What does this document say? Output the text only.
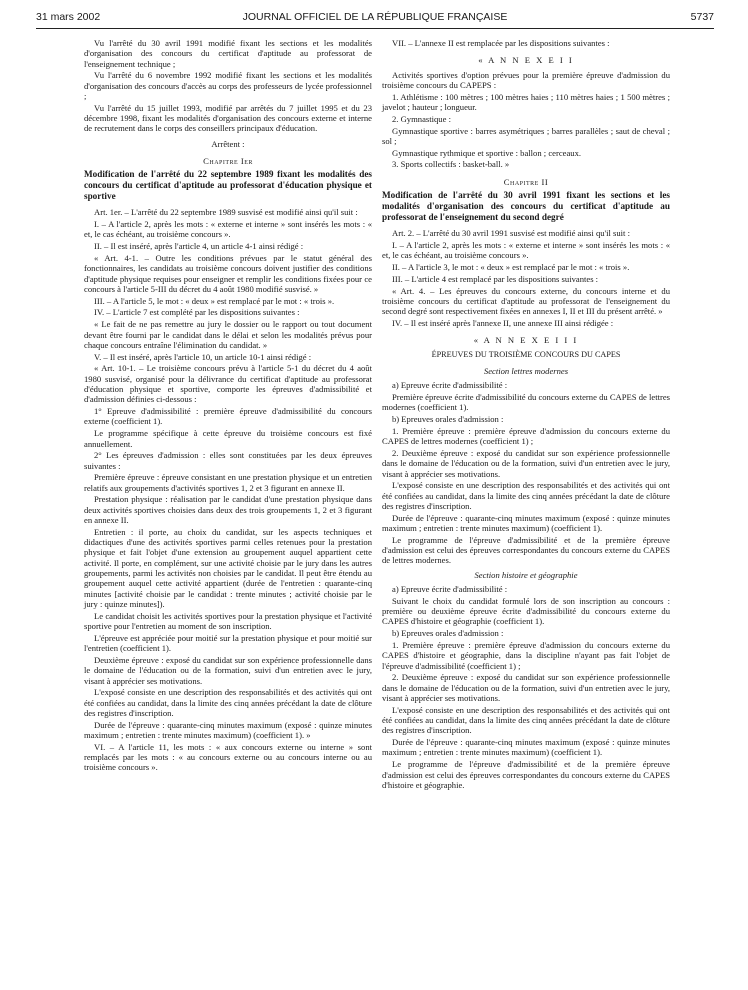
31 mars 2002	JOURNAL OFFICIEL DE LA RÉPUBLIQUE FRANÇAISE	5737

Vu l'arrêté du 30 avril 1991 modifié fixant les sections et les modalités d'organisation des concours du certificat d'aptitude au professorat de l'enseignement technique ;

Vu l'arrêté du 6 novembre 1992 modifié fixant les sections et les modalités d'organisation des concours d'accès au corps des professeurs de lycée professionnel ;

Vu l'arrêté du 15 juillet 1993, modifié par arrêtés du 7 juillet 1995 et du 23 décembre 1998, fixant les modalités d'organisation des concours externe et interne de recrutement dans le corps des conseillers principaux d'éducation.

Arrêtent :

Chapitre Ier

Modification de l'arrêté du 22 septembre 1989 fixant les modalités des concours du certificat d'aptitude au professorat d'éducation physique et sportive

Art. 1er. – L'arrêté du 22 septembre 1989 susvisé est modifié ainsi qu'il suit :

I. – A l'article 2, après les mots : « externe et interne » sont insérés les mots : « et, le cas échéant, au troisième concours ».

II. – Il est inséré, après l'article 4, un article 4-1 ainsi rédigé :

« Art. 4-1. – Outre les conditions prévues par le statut général des fonctionnaires, les candidats au troisième concours doivent justifier des conditions d'aptitude physique requises pour enseigner et remplir les conditions fixées pour ce concours à l'article 5-III du décret du 4 août 1980 modifié susvisé. »

III. – A l'article 5, le mot : « deux » est remplacé par le mot : « trois ».

IV. – L'article 7 est complété par les dispositions suivantes :

« Le fait de ne pas remettre au jury le dossier ou le rapport ou tout document devant être fourni par le candidat dans le délai et selon les modalités prévus pour chaque concours entraîne l'élimination du candidat. »

V. – Il est inséré, après l'article 10, un article 10-1 ainsi rédigé :

« Art. 10-1. – Le troisième concours prévu à l'article 5-1 du décret du 4 août 1980 susvisé, organisé pour la délivrance du certificat d'aptitude au professorat d'éducation physique et sportive, comporte les épreuves d'admissibilité et d'admission définies ci-dessous :

1° Epreuve d'admissibilité : première épreuve d'admissibilité du concours externe (coefficient 1).

Le programme spécifique à cette épreuve du troisième concours est fixé annuellement.

2° Les épreuves d'admission : elles sont constituées par les deux épreuves suivantes :

Première épreuve : épreuve consistant en une prestation physique et un entretien relatifs aux groupements d'activités sportives 1, 2 et 3 figurant en annexe II.

Prestation physique : réalisation par le candidat d'une prestation physique dans deux activités sportives choisies dans deux des trois groupements 1, 2 et 3 figurant en annexe II.

Entretien : il porte, au choix du candidat, sur les aspects techniques et didactiques d'une des activités sportives parmi celles retenues pour la prestation physique et fait l'objet d'une extension au groupement auquel appartient cette activité. Il porte, en complément, sur une activité choisie par le jury dans les autres groupements, parmi les activités non choisies par le candidat. Il peut être étendu au groupement auquel cette activité appartient (durée de l'entretien : quarante-cinq minutes [activité choisie par le candidat : trente minutes ; activité choisie par le jury : quinze minutes]).

Le candidat choisit les activités sportives pour la prestation physique et l'activité sportive pour l'entretien au moment de son inscription.

L'épreuve est appréciée pour moitié sur la prestation physique et pour moitié sur l'entretien (coefficient 1).

Deuxième épreuve : exposé du candidat sur son expérience professionnelle dans le domaine de l'éducation ou de la formation, suivi d'un entretien avec le jury, visant à apprécier ses motivations.

L'exposé consiste en une description des responsabilités et des activités qui ont été confiées au candidat, dans la limite des cinq années précédant la date de clôture des registres d'inscription.

Durée de l'épreuve : quarante-cinq minutes maximum (exposé : quinze minutes maximum ; entretien : trente minutes maximum) (coefficient 1). »

VI. – A l'article 11, les mots : « aux concours externe ou interne » sont remplacés par les mots : « au concours externe ou au concours interne ou au troisième concours ».

VII. – L'annexe II est remplacée par les dispositions suivantes :

« A N N E X E I I

Activités sportives d'option prévues pour la première épreuve d'admission du troisième concours du CAPEPS :

1. Athlétisme : 100 mètres ; 100 mètres haies ; 110 mètres haies ; 1 500 mètres ; javelot ; hauteur ; longueur.

2. Gymnastique :

Gymnastique sportive : barres asymétriques ; barres parallèles ; saut de cheval ; sol ;

Gymnastique rythmique et sportive : ballon ; cerceaux.

3. Sports collectifs : basket-ball. »

Chapitre II

Modification de l'arrêté du 30 avril 1991 fixant les sections et les modalités d'organisation des concours du certificat d'aptitude au professorat de l'enseignement du second degré

Art. 2. – L'arrêté du 30 avril 1991 susvisé est modifié ainsi qu'il suit :

I. – A l'article 2, après les mots : « externe et interne » sont insérés les mots : « et, le cas échéant, au troisième concours ».

II. – A l'article 3, le mot : « deux » est remplacé par le mot : « trois ».

III. – L'article 4 est remplacé par les dispositions suivantes :

« Art. 4. – Les épreuves du concours externe, du concours interne et du troisième concours du certificat d'aptitude au professorat de l'enseignement du second degré sont respectivement fixées en annexes I, II et III du présent arrêté. »

IV. – Il est inséré après l'annexe II, une annexe III ainsi rédigée :

« A N N E X E I I I

ÉPREUVES DU TROISIÈME CONCOURS DU CAPES

Section lettres modernes

a) Epreuve écrite d'admissibilité :

Première épreuve écrite d'admissibilité du concours externe du CAPES de lettres modernes (coefficient 1).

b) Epreuves orales d'admission :

1. Première épreuve : première épreuve d'admission du concours externe du CAPES de lettres modernes (coefficient 1) ;

2. Deuxième épreuve : exposé du candidat sur son expérience professionnelle dans le domaine de l'éducation ou de la formation, suivi d'un entretien avec le jury, visant à apprécier ses motivations.

L'exposé consiste en une description des responsabilités et des activités qui ont été confiées au candidat, dans la limite des cinq années précédant la date de clôture des registres d'inscription.

Durée de l'épreuve : quarante-cinq minutes maximum (exposé : quinze minutes maximum ; entretien : trente minutes maximum) (coefficient 1).

Le programme de l'épreuve d'admissibilité et de la première épreuve d'admission est celui des épreuves correspondantes du concours externe du CAPES de lettres modernes.

Section histoire et géographie

a) Epreuve écrite d'admissibilité :

Suivant le choix du candidat formulé lors de son inscription au concours : première ou deuxième épreuve écrite d'admissibilité du concours externe du CAPES d'histoire et géographie (coefficient 1).

b) Epreuves orales d'admission :

1. Première épreuve : première épreuve d'admission du concours externe du CAPES d'histoire et géographie, dans la discipline n'ayant pas fait l'objet de l'épreuve d'admissibilité (coefficient 1) ;

2. Deuxième épreuve : exposé du candidat sur son expérience professionnelle dans le domaine de l'éducation ou de la formation, suivi d'un entretien avec le jury, visant à apprécier ses motivations.

L'exposé consiste en une description des responsabilités et des activités qui ont été confiées au candidat, dans la limite des cinq années précédant la date de clôture des registres d'inscription.

Durée de l'épreuve : quarante-cinq minutes maximum (exposé : quinze minutes maximum ; entretien : trente minutes maximum) (coefficient 1).

Le programme de l'épreuve d'admissibilité et de la première épreuve d'admission est celui des épreuves correspondantes du concours externe du CAPES d'histoire et géographie.
